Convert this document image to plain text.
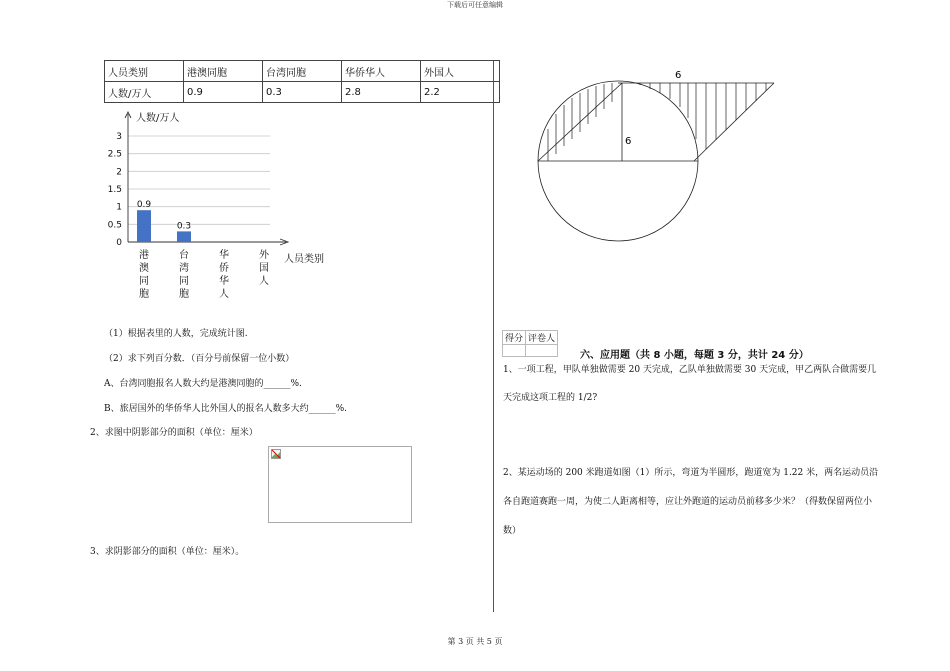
下载后可任意编辑
人员类别	港澳同胞	台湾同胞	华侨华人	外国人
人数/万人	0.9	0.3	2.8	2.2
0
0.5
1
1.5
2
2.5
3
人数/万人
人员类别
0.9
港
澳
同
胞
0.3
台
湾
同
胞
华
侨
华
人
外
国
人
（1）根据表里的人数，完成统计图.
（2）求下列百分数．（百分号前保留一位小数）
A、台湾同胞报名人数大约是港澳同胞的______%.
B、旅居国外的华侨华人比外国人的报名人数多大约______%.
2、求图中阴影部分的面积（单位：厘米）
3、求阴影部分的面积（单位：厘米）。
6
6
得分	评卷人

六、应用题（共 8 小题，每题 3 分，共计 24 分）
1、一项工程，甲队单独做需要 20 天完成，乙队单独做需要 30 天完成，甲乙两队合做需要几
天完成这项工程的 1/2?
2、某运动场的 200 米跑道如图（1）所示，弯道为半圆形，跑道宽为 1.22 米，两名运动员沿
各自跑道赛跑一周，为使二人距离相等，应让外跑道的运动员前移多少米？（得数保留两位小
数）
第 3 页 共 5 页
